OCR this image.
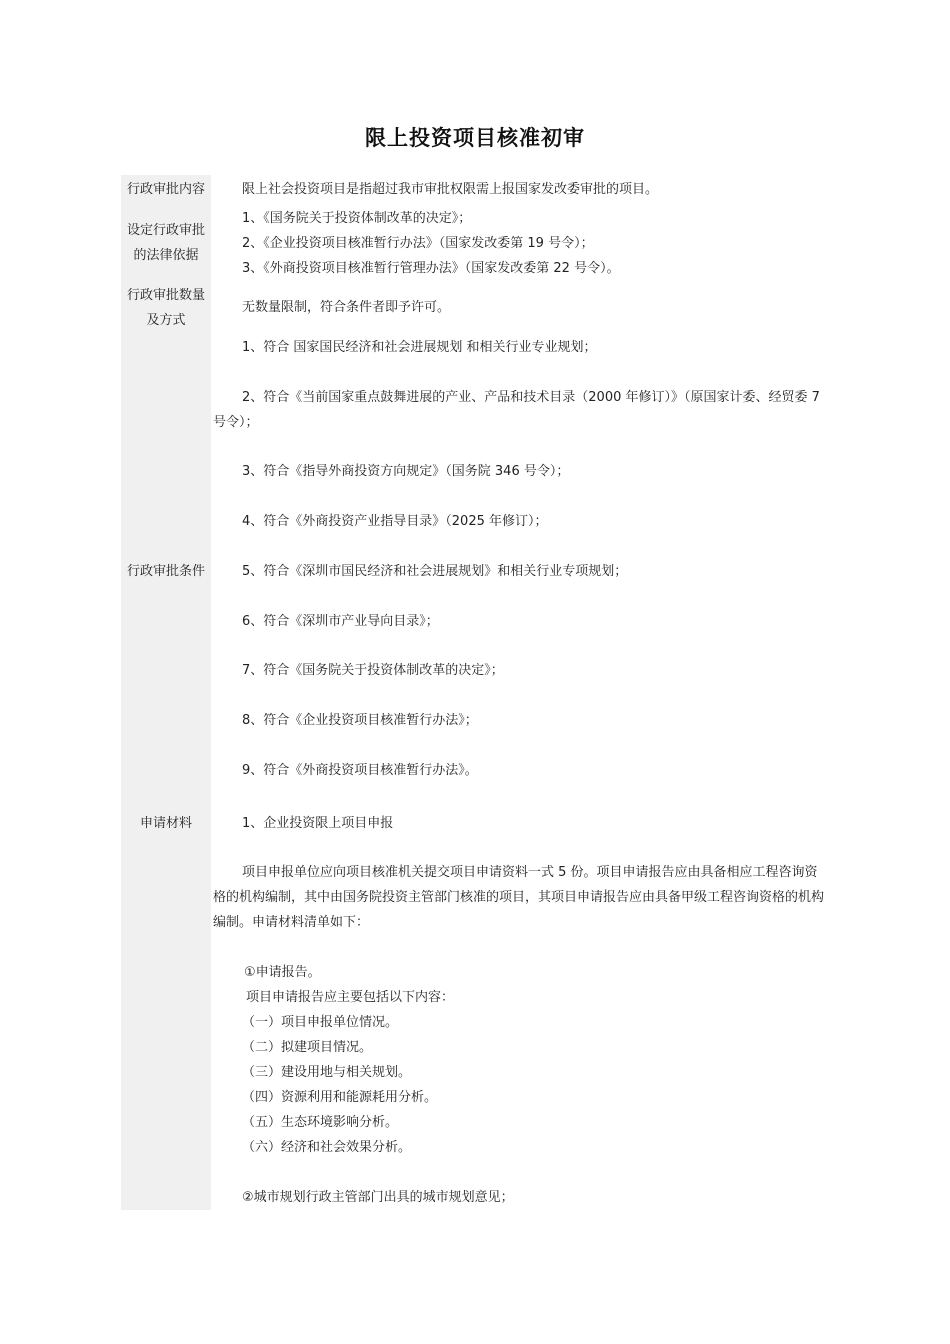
限上投资项目核准初审
行政审批内容
设定行政审批
的法律依据
行政审批数量
及方式
行政审批条件
申请材料
限上社会投资项目是指超过我市审批权限需上报国家发改委审批的项目。
1、《国务院关于投资体制改革的决定》；
2、《企业投资项目核准暂行办法》（国家发改委第 19 号令）；
3、《外商投资项目核准暂行管理办法》（国家发改委第 22 号令）。
无数量限制，符合条件者即予许可。
1、符合 国家国民经济和社会进展规划 和相关行业专业规划；
2、符合《当前国家重点鼓舞进展的产业、产品和技术目录（2000 年修订）》（原国家计委、经贸委 7 号令）；
3、符合《指导外商投资方向规定》（国务院 346 号令）；
4、符合《外商投资产业指导目录》（2025 年修订）；
5、符合《深圳市国民经济和社会进展规划》和相关行业专项规划；
6、符合《深圳市产业导向目录》；
7、符合《国务院关于投资体制改革的决定》；
8、符合《企业投资项目核准暂行办法》；
9、符合《外商投资项目核准暂行办法》。
1、企业投资限上项目申报
项目申报单位应向项目核准机关提交项目申请资料一式 5 份。项目申请报告应由具备相应工程咨询资格的机构编制，其中由国务院投资主管部门核准的项目，其项目申请报告应由具备甲级工程咨询资格的机构编制。申请材料清单如下：
①申请报告。
项目申请报告应主要包括以下内容：
（一）项目申报单位情况。
（二）拟建项目情况。
（三）建设用地与相关规划。
（四）资源利用和能源耗用分析。
（五）生态环境影响分析。
（六）经济和社会效果分析。
②城市规划行政主管部门出具的城市规划意见；
